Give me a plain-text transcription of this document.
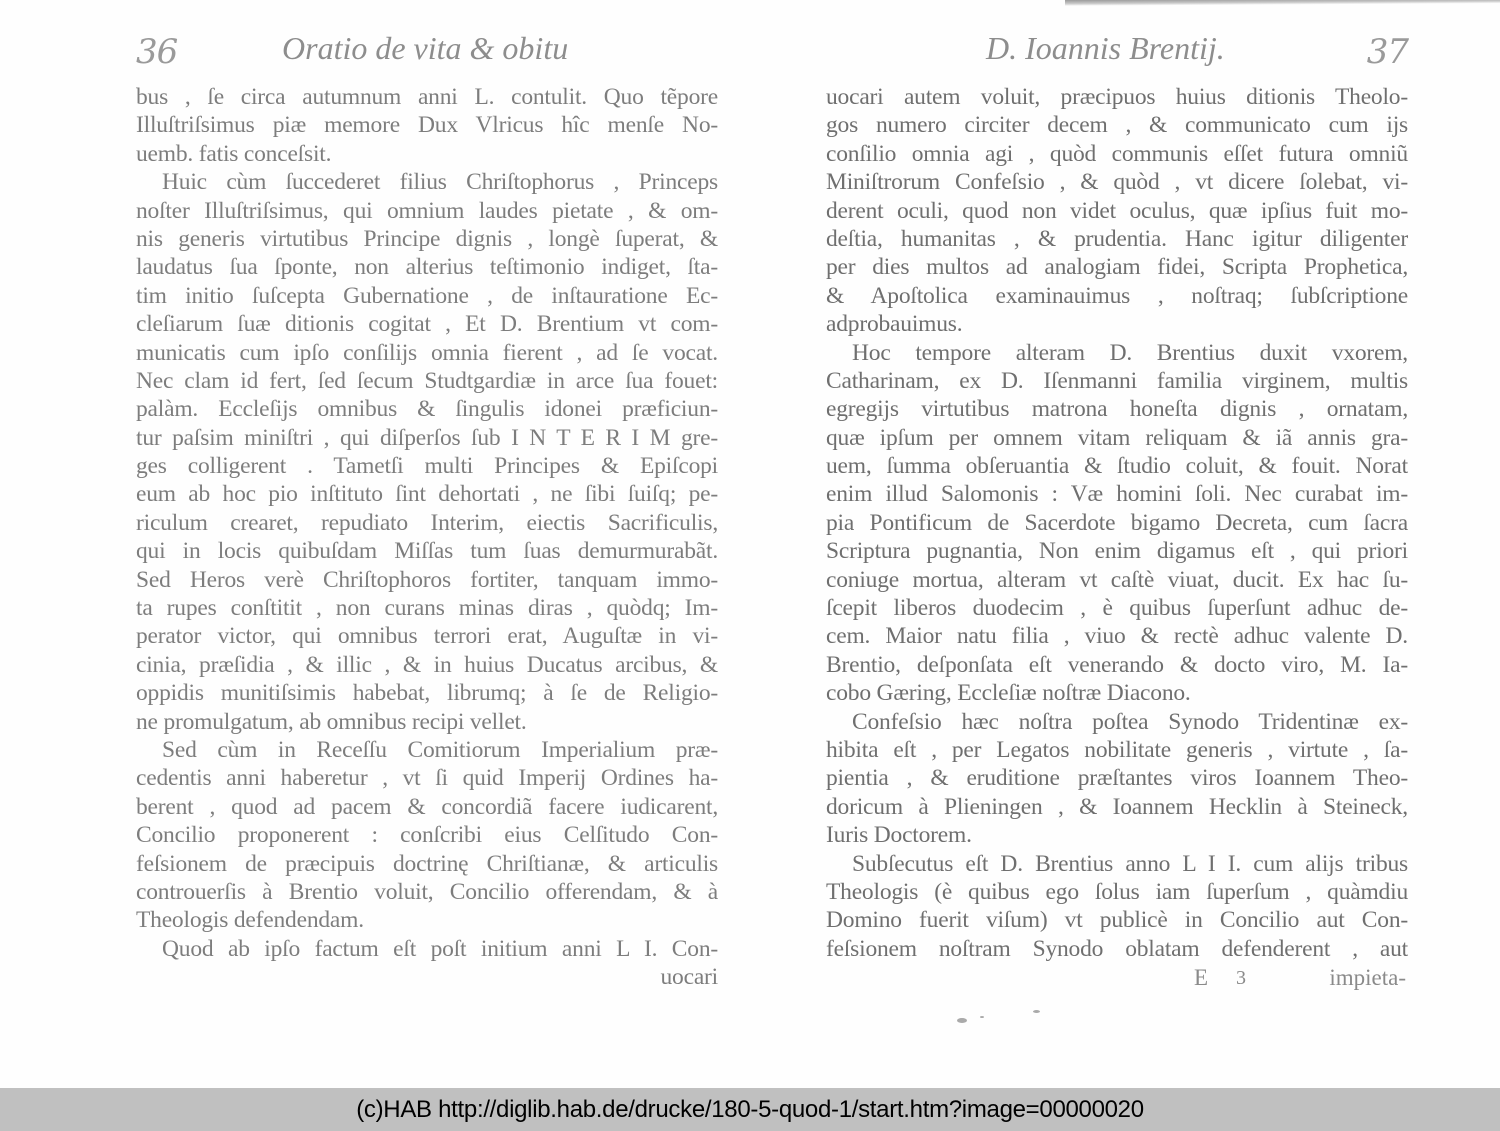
36	Oratio de vita & obitu
bus , ſe circa autumnum anni L. contulit. Quo tẽpore
Illuſtriſsimus piæ memore Dux Vlricus hîc menſe No-
uemb. fatis conceſsit.
Huic cùm ſuccederet filius Chriſtophorus , Princeps
noſter Illuſtriſsimus, qui omnium laudes pietate , & om-
nis generis virtutibus Principe dignis , longè ſuperat, &
laudatus ſua ſponte, non alterius teſtimonio indiget, ſta-
tim initio ſuſcepta Gubernatione , de inſtauratione Ec-
cleſiarum ſuæ ditionis cogitat , Et D. Brentium vt com-
municatis cum ipſo conſilijs omnia fierent , ad ſe vocat.
Nec clam id fert, ſed ſecum Studtgardiæ in arce ſua fouet:
palàm. Eccleſijs omnibus & ſingulis idonei præficiun-
tur paſsim miniſtri , qui diſperſos ſub I N T E R I M gre-
ges colligerent . Tametſi multi Principes & Epiſcopi
eum ab hoc pio inſtituto ſint dehortati , ne ſibi ſuiſq; pe-
riculum crearet, repudiato Interim, eiectis Sacrificulis,
qui in locis quibuſdam Miſſas tum ſuas demurmurabãt.
Sed Heros verè Chriſtophoros fortiter, tanquam immo-
ta rupes conſtitit , non curans minas diras , quòdq; Im-
perator victor, qui omnibus terrori erat, Auguſtæ in vi-
cinia, præſidia , & illic , & in huius Ducatus arcibus, &
oppidis munitiſsimis habebat, librumq; à ſe de Religio-
ne promulgatum, ab omnibus recipi vellet.
Sed cùm in Receſſu Comitiorum Imperialium præ-
cedentis anni haberetur , vt ſi quid Imperij Ordines ha-
berent , quod ad pacem & concordiã facere iudicarent,
Concilio proponerent : conſcribi eius Celſitudo Con-
feſsionem de præcipuis doctrinę Chriſtianæ, & articulis
controuerſis à Brentio voluit, Concilio offerendam, & à
Theologis defendendam.
Quod ab ipſo factum eſt poſt initium anni L I. Con-
uocari
D. Ioannis Brentij.	37
uocari autem voluit, præcipuos huius ditionis Theolo-
gos numero circiter decem , & communicato cum ijs
conſilio omnia agi , quòd communis eſſet futura omniũ
Miniſtrorum Confeſsio , & quòd , vt dicere ſolebat, vi-
derent oculi, quod non videt oculus, quæ ipſius fuit mo-
deſtia, humanitas , & prudentia. Hanc igitur diligenter
per dies multos ad analogiam fidei, Scripta Prophetica,
& Apoſtolica examinauimus , noſtraq; ſubſcriptione
adprobauimus.
Hoc tempore alteram D. Brentius duxit vxorem,
Catharinam, ex D. Iſenmanni familia virginem, multis
egregijs virtutibus matrona honeſta dignis , ornatam,
quæ ipſum per omnem vitam reliquam & iã annis gra-
uem, ſumma obſeruantia & ſtudio coluit, & fouit. Norat
enim illud Salomonis : Væ homini ſoli. Nec curabat im-
pia Pontificum de Sacerdote bigamo Decreta, cum ſacra
Scriptura pugnantia, Non enim digamus eſt , qui priori
coniuge mortua, alteram vt caſtè viuat, ducit. Ex hac ſu-
ſcepit liberos duodecim , è quibus ſuperſunt adhuc de-
cem. Maior natu filia , viuo & rectè adhuc valente D.
Brentio, deſponſata eſt venerando & docto viro, M. Ia-
cobo Gæring, Eccleſiæ noſtræ Diacono.
Confeſsio hæc noſtra poſtea Synodo Tridentinæ ex-
hibita eſt , per Legatos nobilitate generis , virtute , ſa-
pientia , & eruditione præſtantes viros Ioannem Theo-
doricum à Plieningen , & Ioannem Hecklin à Steineck,
Iuris Doctorem.
Subſecutus eſt D. Brentius anno L I I. cum alijs tribus
Theologis (è quibus ego ſolus iam ſuperſum , quàmdiu
Domino fuerit viſum) vt publicè in Concilio aut Con-
feſsionem noſtram Synodo oblatam defenderent , aut
E 3	impieta-
(c)HAB http://diglib.hab.de/drucke/180-5-quod-1/start.htm?image=00000020
